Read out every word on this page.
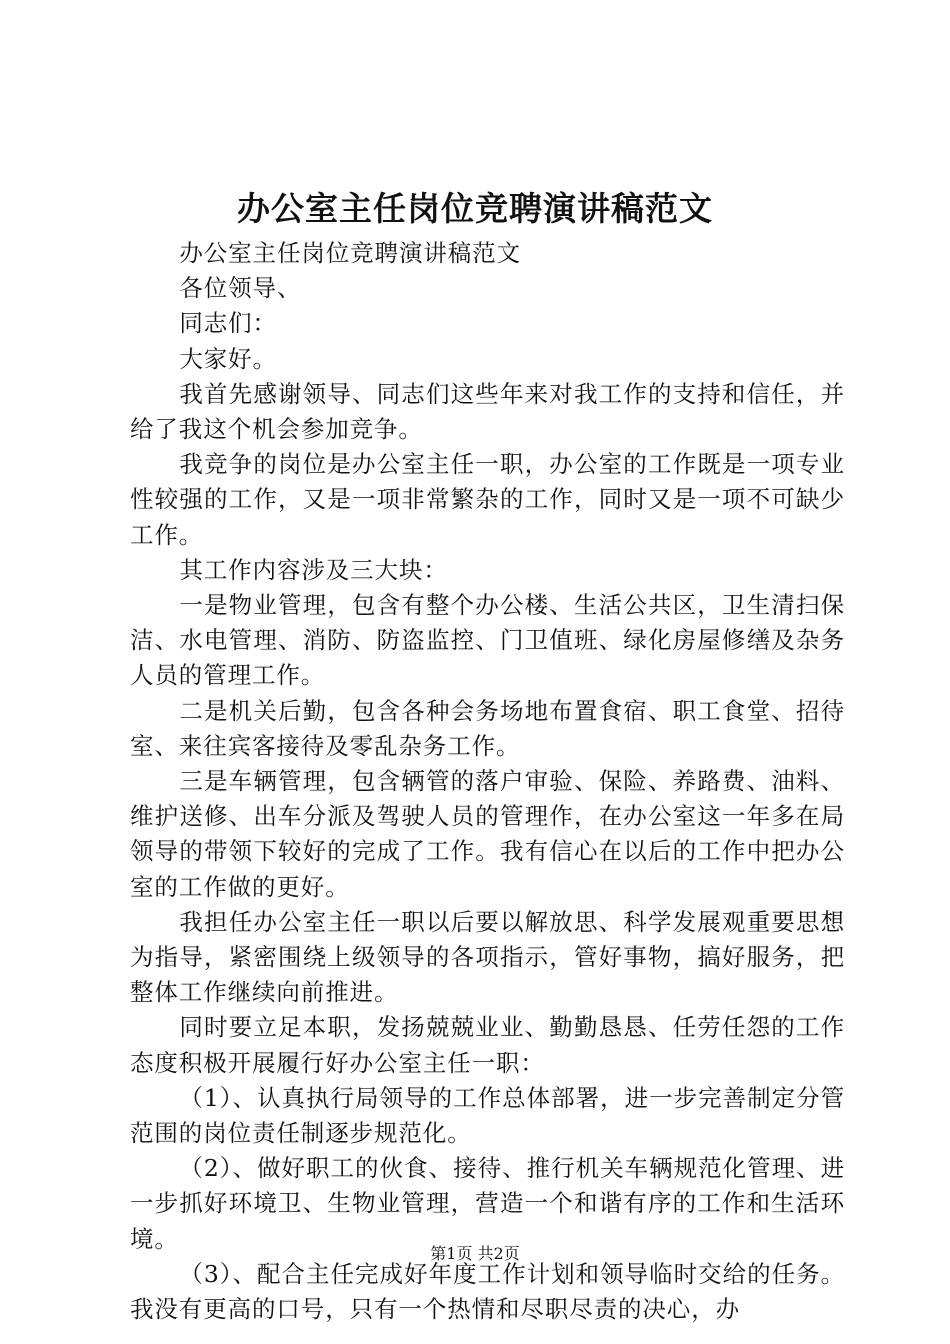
办公室主任岗位竞聘演讲稿范文

办公室主任岗位竞聘演讲稿范文

各位领导、

同志们：

大家好。

我首先感谢领导、同志们这些年来对我工作的支持和信任，并给了我这个机会参加竞争。

我竞争的岗位是办公室主任一职，办公室的工作既是一项专业性较强的工作，又是一项非常繁杂的工作，同时又是一项不可缺少工作。

其工作内容涉及三大块：

一是物业管理，包含有整个办公楼、生活公共区，卫生清扫保洁、水电管理、消防、防盗监控、门卫值班、绿化房屋修缮及杂务人员的管理工作。

二是机关后勤，包含各种会务场地布置食宿、职工食堂、招待室、来往宾客接待及零乱杂务工作。

三是车辆管理，包含辆管的落户审验、保险、养路费、油料、维护送修、出车分派及驾驶人员的管理作，在办公室这一年多在局领导的带领下较好的完成了工作。我有信心在以后的工作中把办公室的工作做的更好。

我担任办公室主任一职以后要以解放思、科学发展观重要思想为指导，紧密围绕上级领导的各项指示，管好事物，搞好服务，把整体工作继续向前推进。

同时要立足本职，发扬兢兢业业、勤勤恳恳、任劳任怨的工作态度积极开展履行好办公室主任一职：

（1）、认真执行局领导的工作总体部署，进一步完善制定分管范围的岗位责任制逐步规范化。

（2）、做好职工的伙食、接待、推行机关车辆规范化管理、进一步抓好环境卫、生物业管理，营造一个和谐有序的工作和生活环境。

（3）、配合主任完成好年度工作计划和领导临时交给的任务。我没有更高的口号，只有一个热情和尽职尽责的决心，办

第1页 共2页
